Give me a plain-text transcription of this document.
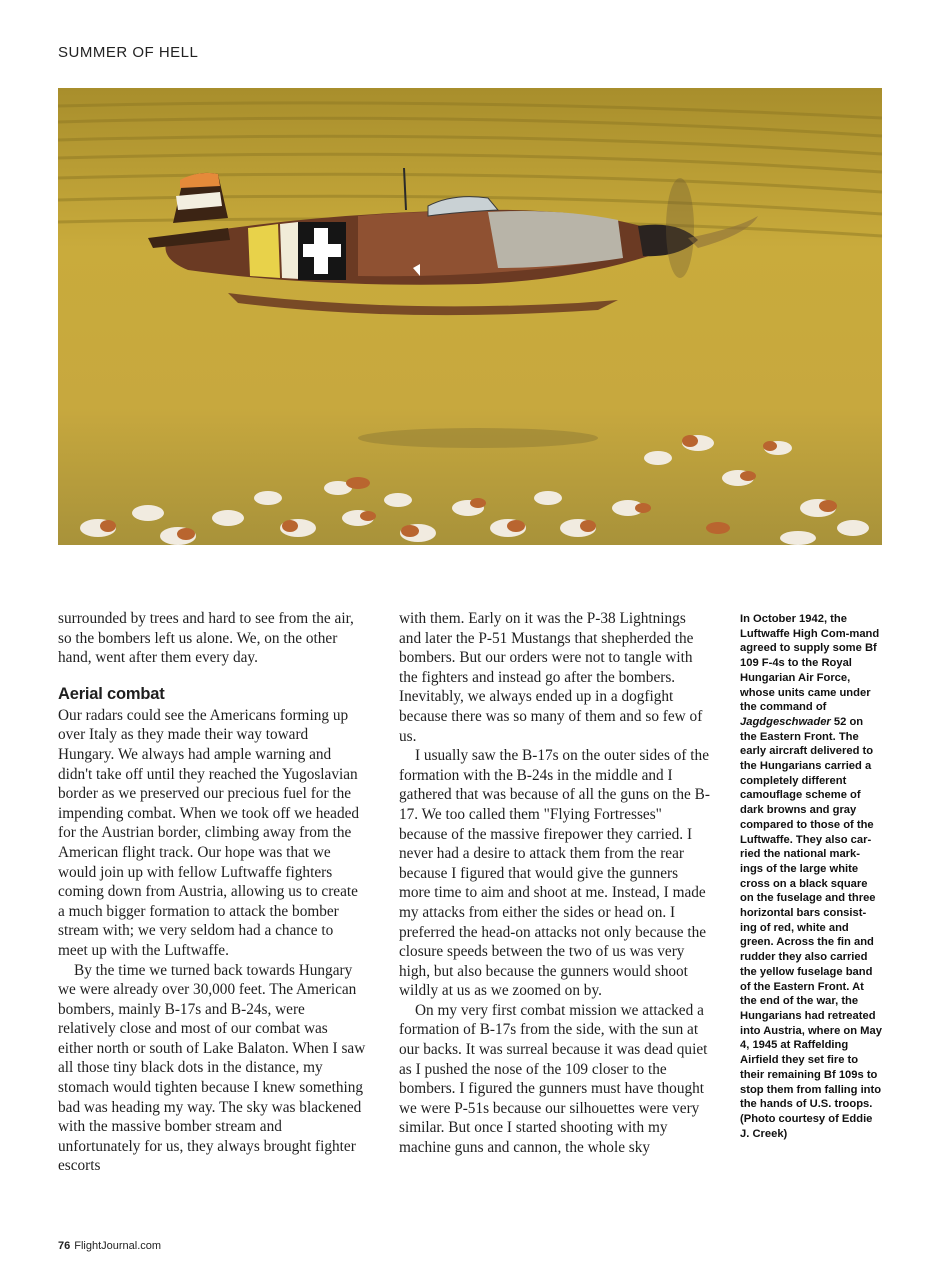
SUMMER OF HELL

surrounded by trees and hard to see from the air, so the bombers left us alone. We, on the other hand, went after them every day.

Aerial combat

Our radars could see the Americans forming up over Italy as they made their way toward Hungary. We always had ample warning and didn't take off until they reached the Yugoslavian border as we preserved our precious fuel for the impending combat. When we took off we headed for the Austrian border, climbing away from the American flight track. Our hope was that we would join up with fellow Luftwaffe fighters coming down from Austria, allowing us to create a much bigger formation to attack the bomber stream with; we very seldom had a chance to meet up with the Luftwaffe.

By the time we turned back towards Hungary we were already over 30,000 feet. The American bombers, mainly B-17s and B-24s, were relatively close and most of our combat was either north or south of Lake Balaton. When I saw all those tiny black dots in the distance, my stomach would tighten because I knew something bad was heading my way. The sky was blackened with the massive bomber stream and unfortunately for us, they always brought fighter escorts

with them. Early on it was the P-38 Lightnings and later the P-51 Mustangs that shepherded the bombers. But our orders were not to tangle with the fighters and instead go after the bombers. Inevitably, we always ended up in a dogfight because there was so many of them and so few of us.

I usually saw the B-17s on the outer sides of the formation with the B-24s in the middle and I gathered that was because of all the guns on the B-17. We too called them "Flying Fortresses" because of the massive firepower they carried. I never had a desire to attack them from the rear because I figured that would give the gunners more time to aim and shoot at me. Instead, I made my attacks from either the sides or head on. I preferred the head-on attacks not only because the closure speeds between the two of us was very high, but also because the gunners would shoot wildly at us as we zoomed on by.

On my very first combat mission we attacked a formation of B-17s from the side, with the sun at our backs. It was surreal because it was dead quiet as I pushed the nose of the 109 closer to the bombers. I figured the gunners must have thought we were P-51s because our silhouettes were very similar. But once I started shooting with my machine guns and cannon, the whole sky

In October 1942, the Luftwaffe High Com-mand agreed to supply some Bf 109 F-4s to the Royal Hungarian Air Force, whose units came under the command of Jagdgeschwader 52 on the Eastern Front. The early aircraft delivered to the Hungarians carried a completely different camouflage scheme of dark browns and gray compared to those of the Luftwaffe. They also car-ried the national mark-ings of the large white cross on a black square on the fuselage and three horizontal bars consist-ing of red, white and green. Across the fin and rudder they also carried the yellow fuselage band of the Eastern Front. At the end of the war, the Hungarians had retreated into Austria, where on May 4, 1945 at Raffelding Airfield they set fire to their remaining Bf 109s to stop them from falling into the hands of U.S. troops. (Photo courtesy of Eddie J. Creek)
76 FlightJournal.com
